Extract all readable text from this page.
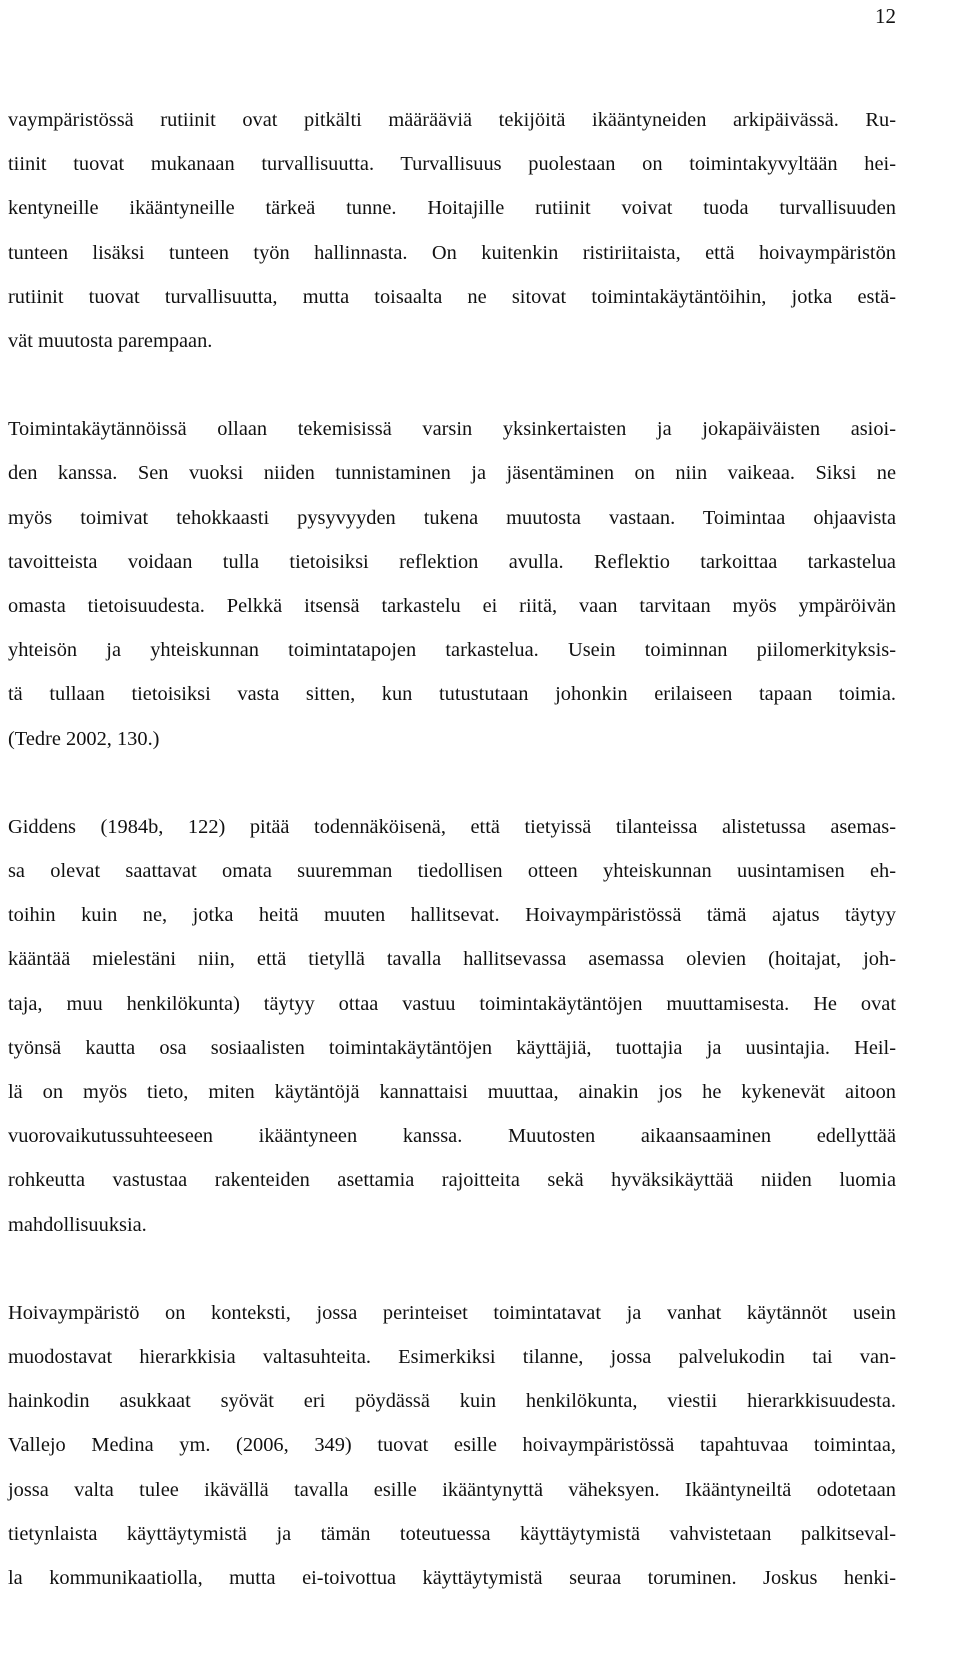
12

vaympäristössä rutiinit ovat pitkälti määrääviä tekijöitä ikääntyneiden arkipäivässä. Ru-
tiinit tuovat mukanaan turvallisuutta. Turvallisuus puolestaan on toimintakyvyltään hei-
kentyneille ikääntyneille tärkeä tunne. Hoitajille rutiinit voivat tuoda turvallisuuden
tunteen lisäksi tunteen työn hallinnasta. On kuitenkin ristiriitaista, että hoivaympäristön
rutiinit tuovat turvallisuutta, mutta toisaalta ne sitovat toimintakäytäntöihin, jotka estä-
vät muutosta parempaan.

Toimintakäytännöissä ollaan tekemisissä varsin yksinkertaisten ja jokapäiväisten asioi-
den kanssa. Sen vuoksi niiden tunnistaminen ja jäsentäminen on niin vaikeaa. Siksi ne
myös toimivat tehokkaasti pysyvyyden tukena muutosta vastaan. Toimintaa ohjaavista
tavoitteista voidaan tulla tietoisiksi reflektion avulla. Reflektio tarkoittaa tarkastelua
omasta tietoisuudesta. Pelkkä itsensä tarkastelu ei riitä, vaan tarvitaan myös ympäröivän
yhteisön ja yhteiskunnan toimintatapojen tarkastelua. Usein toiminnan piilomerkityksis-
tä tullaan tietoisiksi vasta sitten, kun tutustutaan johonkin erilaiseen tapaan toimia.
(Tedre 2002, 130.)

Giddens (1984b, 122) pitää todennäköisenä, että tietyissä tilanteissa alistetussa asemas-
sa olevat saattavat omata suuremman tiedollisen otteen yhteiskunnan uusintamisen eh-
toihin kuin ne, jotka heitä muuten hallitsevat. Hoivaympäristössä tämä ajatus täytyy
kääntää mielestäni niin, että tietyllä tavalla hallitsevassa asemassa olevien (hoitajat, joh-
taja, muu henkilökunta) täytyy ottaa vastuu toimintakäytäntöjen muuttamisesta. He ovat
työnsä kautta osa sosiaalisten toimintakäytäntöjen käyttäjiä, tuottajia ja uusintajia. Heil-
lä on myös tieto, miten käytäntöjä kannattaisi muuttaa, ainakin jos he kykenevät aitoon
vuorovaikutussuhteeseen ikääntyneen kanssa. Muutosten aikaansaaminen edellyttää
rohkeutta vastustaa rakenteiden asettamia rajoitteita sekä hyväksikäyttää niiden luomia
mahdollisuuksia.

Hoivaympäristö on konteksti, jossa perinteiset toimintatavat ja vanhat käytännöt usein
muodostavat hierarkkisia valtasuhteita. Esimerkiksi tilanne, jossa palvelukodin tai van-
hainkodin asukkaat syövät eri pöydässä kuin henkilökunta, viestii hierarkkisuudesta.
Vallejo Medina ym. (2006, 349) tuovat esille hoivaympäristössä tapahtuvaa toimintaa,
jossa valta tulee ikävällä tavalla esille ikääntynyttä väheksyen. Ikääntyneiltä odotetaan
tietynlaista käyttäytymistä ja tämän toteutuessa käyttäytymistä vahvistetaan palkitseval-
la kommunikaatiolla, mutta ei-toivottua käyttäytymistä seuraa toruminen. Joskus henki-
